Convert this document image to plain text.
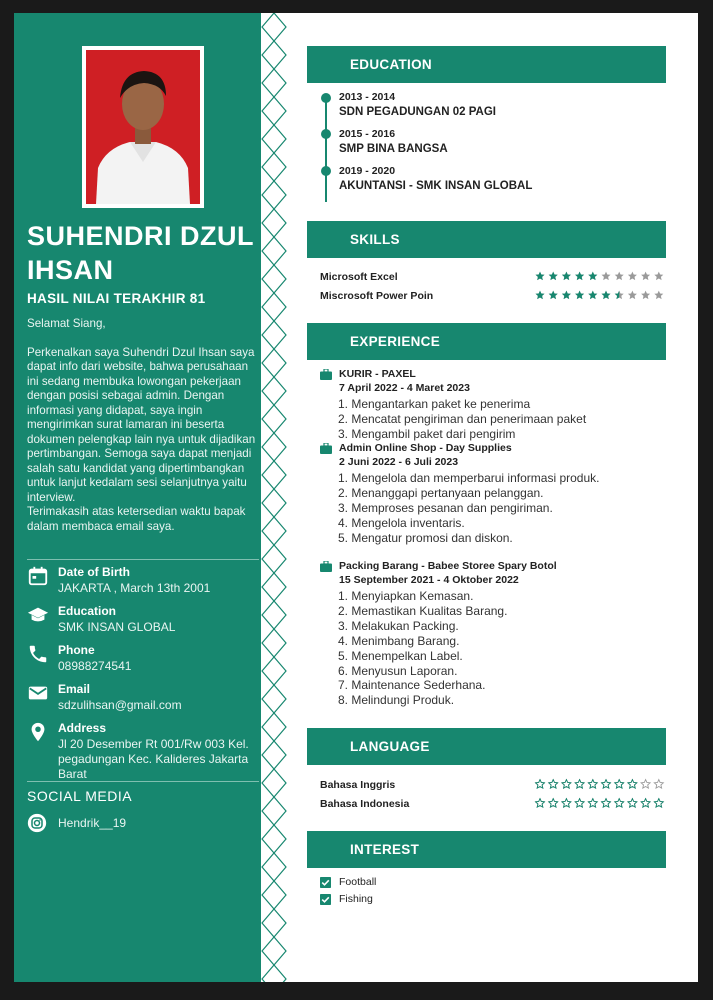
SUHENDRI DZUL IHSAN
HASIL NILAI TERAKHIR 81

Selamat Siang,

Perkenalkan saya Suhendri Dzul Ihsan saya dapat info dari website, bahwa perusahaan ini sedang membuka lowongan pekerjaan dengan posisi sebagai admin. Dengan informasi yang didapat, saya ingin mengirimkan surat lamaran ini beserta dokumen pelengkap lain nya untuk dijadikan pertimbangan. Semoga saya dapat menjadi salah satu kandidat yang dipertimbangkan untuk lanjut kedalam sesi selanjutnya yaitu interview.

Terimakasih atas ketersedian waktu bapak dalam membaca email saya.

Date of Birth
JAKARTA , March 13th 2001
Education
SMK INSAN GLOBAL
Phone
08988274541
Email
sdzulihsan@gmail.com
Address
Jl 20 Desember Rt 001/Rw 003 Kel. pegadungan Kec. Kalideres Jakarta Barat
SOCIAL MEDIA
Hendrik__19
EDUCATION
2013 - 2014
SDN PEGADUNGAN 02 PAGI
2015 - 2016
SMP BINA BANGSA
2019 - 2020
AKUNTANSI - SMK INSAN GLOBAL
SKILLS
Microsoft Excel
Miscrosoft Power Poin
EXPERIENCE
KURIR - PAXEL
7 April 2022 - 4 Maret 2023
1. Mengantarkan paket ke penerima
2. Mencatat pengiriman dan penerimaan paket
3. Mengambil paket dari pengirim
Admin Online Shop - Day Supplies
2 Juni 2022 - 6 Juli 2023
1. Mengelola dan memperbarui informasi produk.
2. Menanggapi pertanyaan pelanggan.
3. Memproses pesanan dan pengiriman.
4. Mengelola inventaris.
5. Mengatur promosi dan diskon.
Packing Barang - Babee Storee Spary Botol
15 September 2021 - 4 Oktober 2022
1. Menyiapkan Kemasan.
2. Memastikan Kualitas Barang.
3. Melakukan Packing.
4. Menimbang Barang.
5. Menempelkan Label.
6. Menyusun Laporan.
7. Maintenance Sederhana.
8. Melindungi Produk.
LANGUAGE
Bahasa Inggris
Bahasa Indonesia
INTEREST
Football
Fishing
